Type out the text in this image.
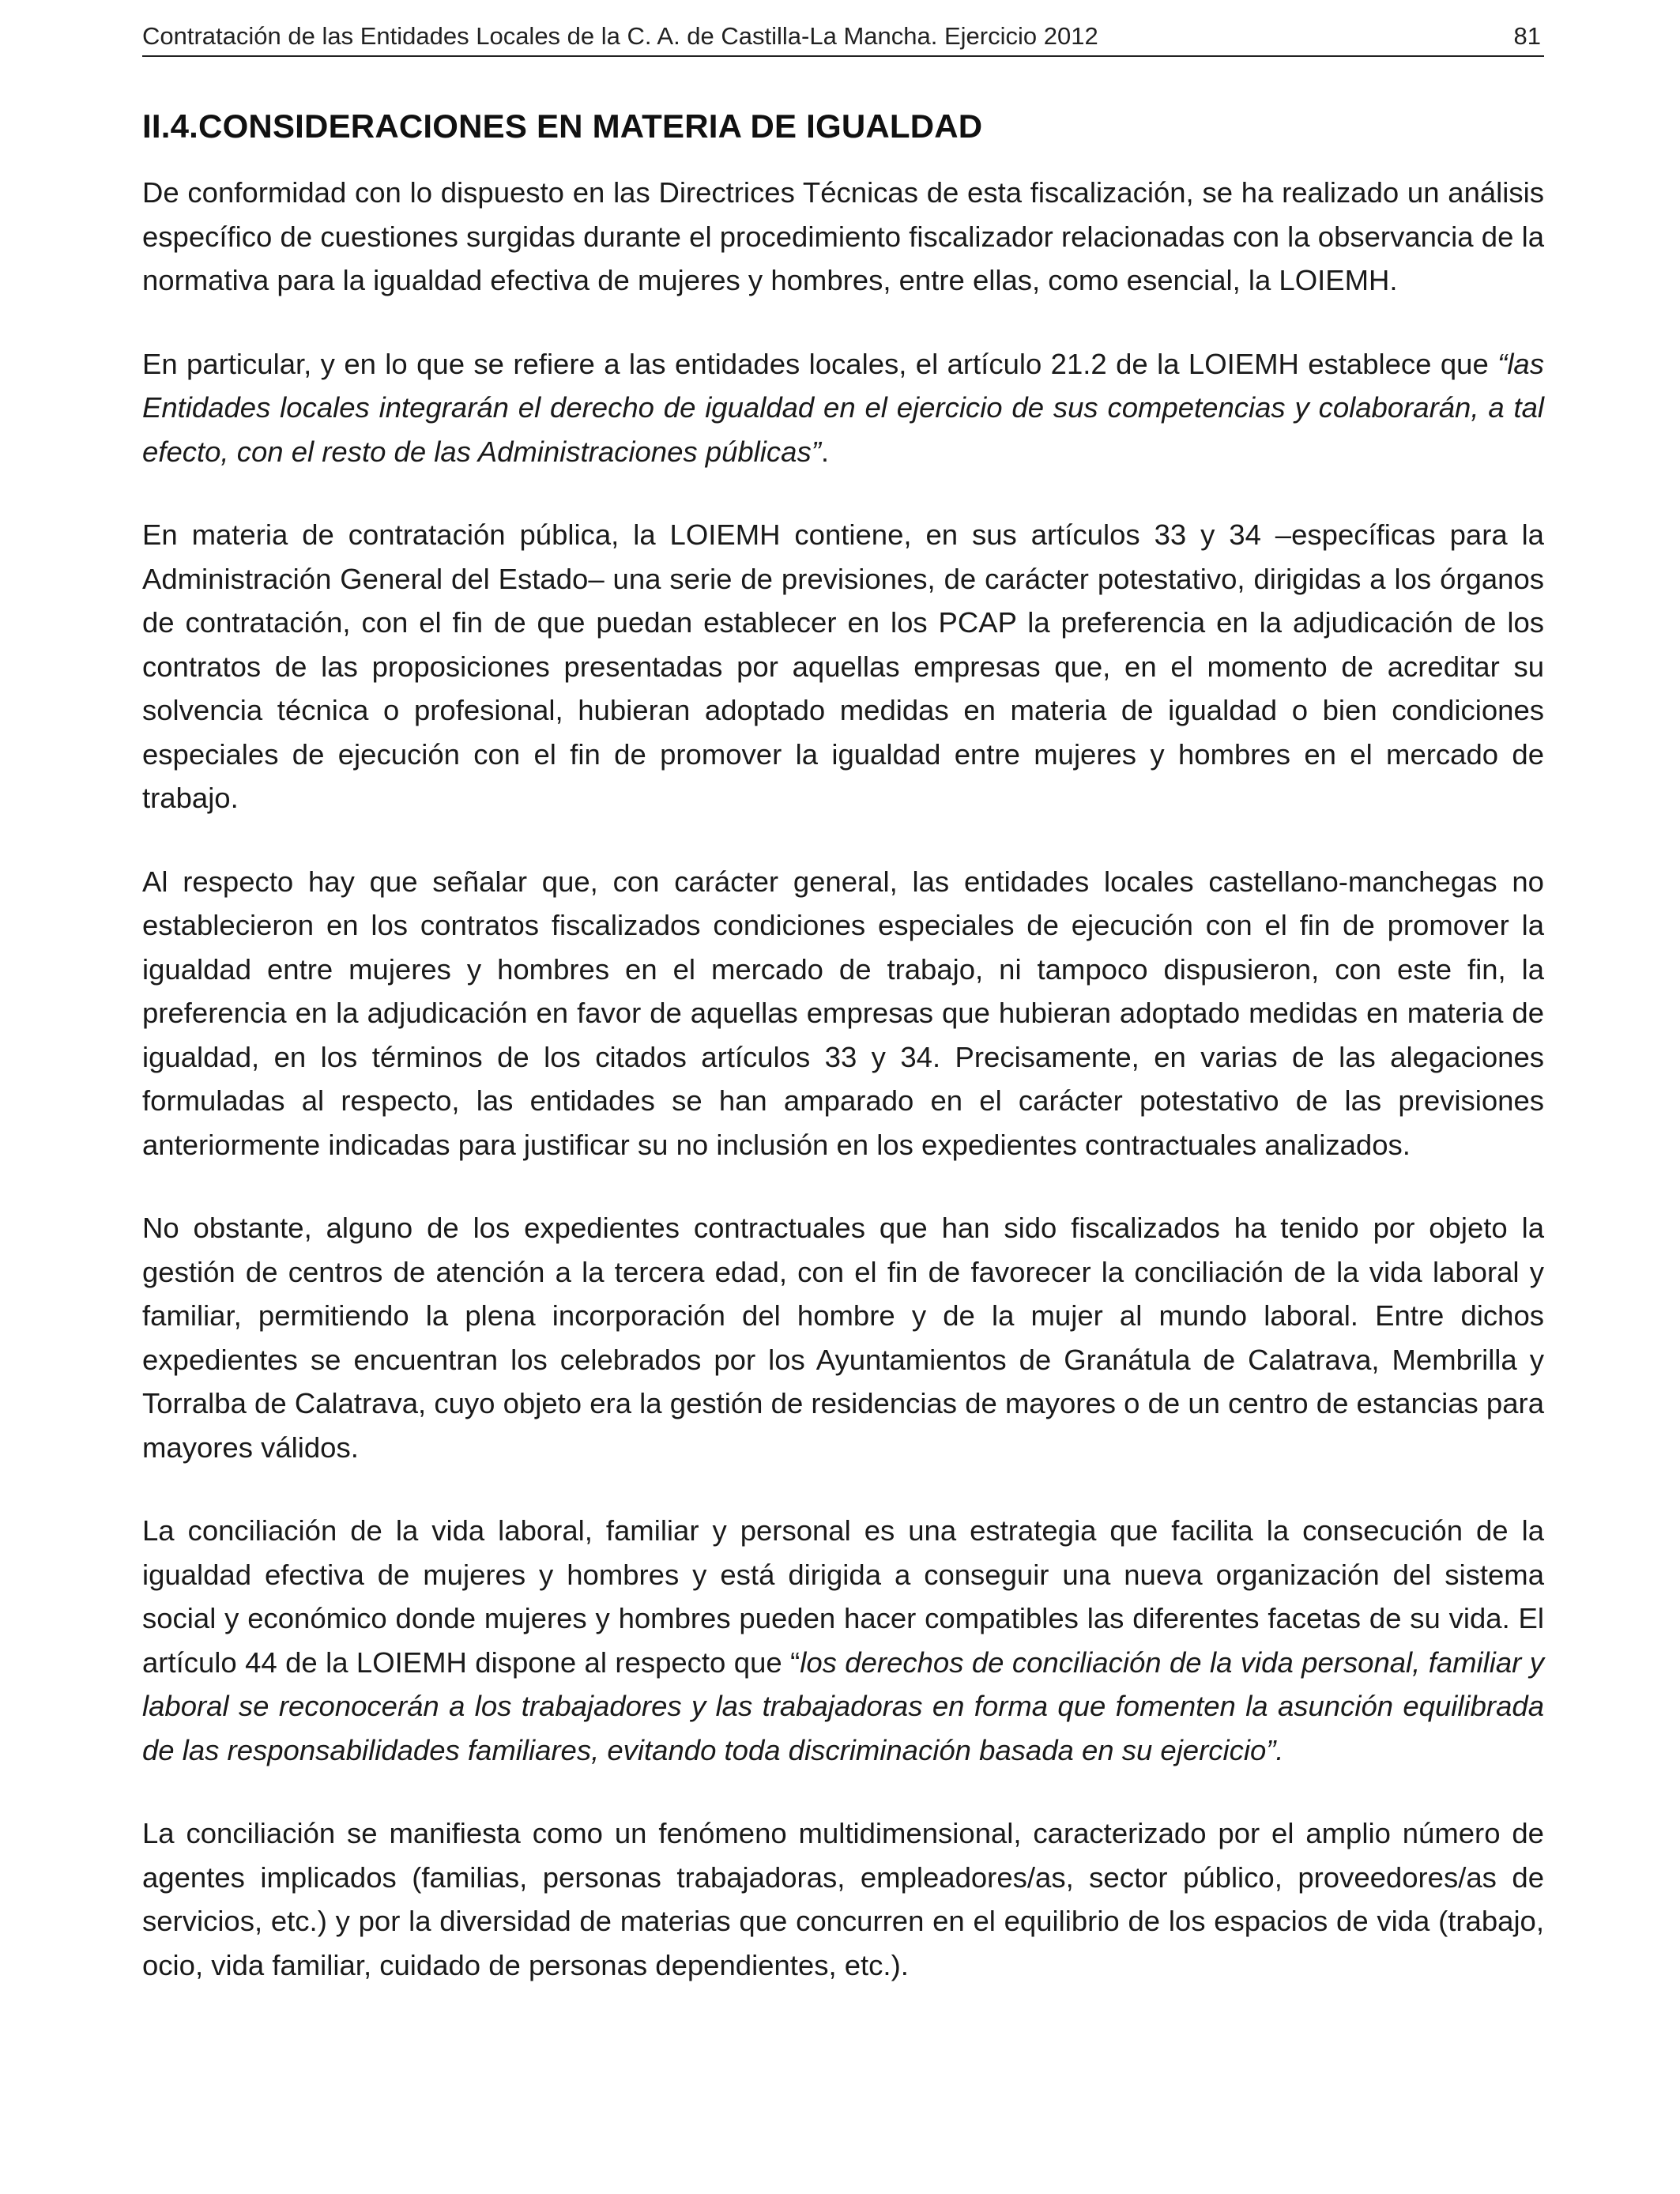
Contratación de las Entidades Locales de la C. A. de Castilla-La Mancha. Ejercicio 2012	81
II.4.CONSIDERACIONES EN MATERIA DE IGUALDAD

De conformidad con lo dispuesto en las Directrices Técnicas de esta fiscalización, se ha realizado un análisis específico de cuestiones surgidas durante el procedimiento fiscalizador relacionadas con la observancia de la normativa para la igualdad efectiva de mujeres y hombres, entre ellas, como esencial, la LOIEMH.

En particular, y en lo que se refiere a las entidades locales, el artículo 21.2 de la LOIEMH establece que “las Entidades locales integrarán el derecho de igualdad en el ejercicio de sus competencias y colaborarán, a tal efecto, con el resto de las Administraciones públicas”.

En materia de contratación pública, la LOIEMH contiene, en sus artículos 33 y 34 –específicas para la Administración General del Estado– una serie de previsiones, de carácter potestativo, dirigidas a los órganos de contratación, con el fin de que puedan establecer en los PCAP la preferencia en la adjudicación de los contratos de las proposiciones presentadas por aquellas empresas que, en el momento de acreditar su solvencia técnica o profesional, hubieran adoptado medidas en materia de igualdad o bien condiciones especiales de ejecución con el fin de promover la igualdad entre mujeres y hombres en el mercado de trabajo.

Al respecto hay que señalar que, con carácter general, las entidades locales castellano-manchegas no establecieron en los contratos fiscalizados condiciones especiales de ejecución con el fin de promover la igualdad entre mujeres y hombres en el mercado de trabajo, ni tampoco dispusieron, con este fin, la preferencia en la adjudicación en favor de aquellas empresas que hubieran adoptado medidas en materia de igualdad, en los términos de los citados artículos 33 y 34. Precisamente, en varias de las alegaciones formuladas al respecto, las entidades se han amparado en el carácter potestativo de las previsiones anteriormente indicadas para justificar su no inclusión en los expedientes contractuales analizados.

No obstante, alguno de los expedientes contractuales que han sido fiscalizados ha tenido por objeto la gestión de centros de atención a la tercera edad, con el fin de favorecer la conciliación de la vida laboral y familiar, permitiendo la plena incorporación del hombre y de la mujer al mundo laboral. Entre dichos expedientes se encuentran los celebrados por los Ayuntamientos de Granátula de Calatrava, Membrilla y Torralba de Calatrava, cuyo objeto era la gestión de residencias de mayores o de un centro de estancias para mayores válidos.

La conciliación de la vida laboral, familiar y personal es una estrategia que facilita la consecución de la igualdad efectiva de mujeres y hombres y está dirigida a conseguir una nueva organización del sistema social y económico donde mujeres y hombres pueden hacer compatibles las diferentes facetas de su vida. El artículo 44 de la LOIEMH dispone al respecto que “los derechos de conciliación de la vida personal, familiar y laboral se reconocerán a los trabajadores y las trabajadoras en forma que fomenten la asunción equilibrada de las responsabilidades familiares, evitando toda discriminación basada en su ejercicio”.

La conciliación se manifiesta como un fenómeno multidimensional, caracterizado por el amplio número de agentes implicados (familias, personas trabajadoras, empleadores/as, sector público, proveedores/as de servicios, etc.) y por la diversidad de materias que concurren en el equilibrio de los espacios de vida (trabajo, ocio, vida familiar, cuidado de personas dependientes, etc.).
